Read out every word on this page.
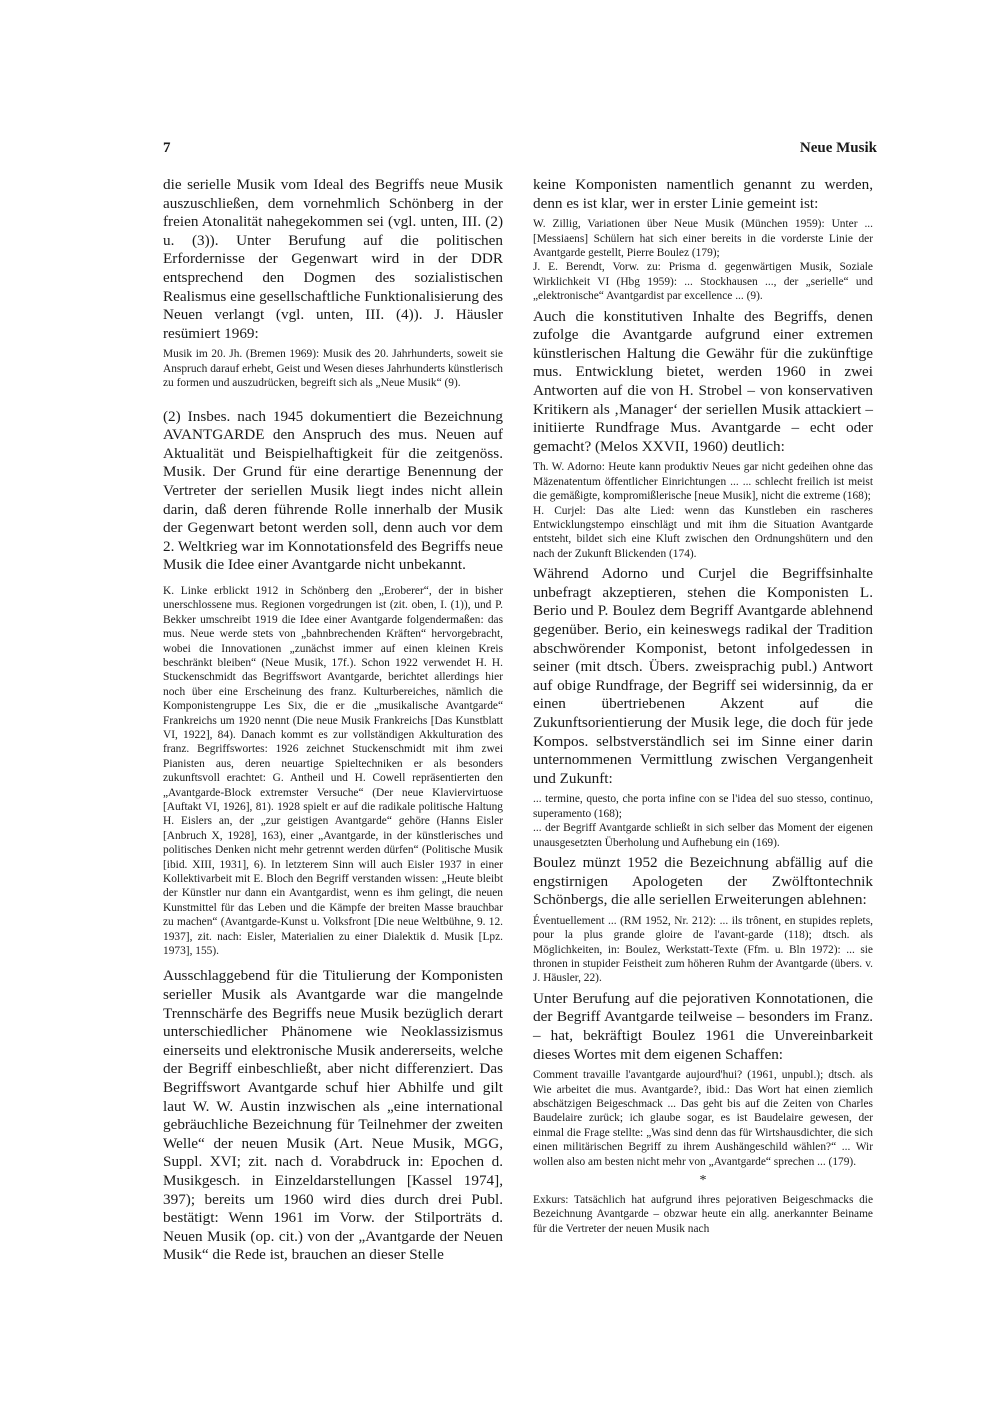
7	Neue Musik

die serielle Musik vom Ideal des Begriffs neue Musik auszuschließen, dem vornehmlich Schönberg in der freien Atonalität nahegekommen sei (vgl. unten, III. (2) u. (3)). Unter Berufung auf die politischen Erfordernisse der Gegenwart wird in der DDR entsprechend den Dogmen des sozialistischen Realismus eine gesellschaftliche Funktionalisierung des Neuen verlangt (vgl. unten, III. (4)). J. Häusler resümiert 1969:

Musik im 20. Jh. (Bremen 1969): Musik des 20. Jahrhunderts, soweit sie Anspruch darauf erhebt, Geist und Wesen dieses Jahrhunderts künstlerisch zu formen und auszudrücken, begreift sich als „Neue Musik“ (9).

(2) Insbes. nach 1945 dokumentiert die Bezeichnung AVANTGARDE den Anspruch des mus. Neuen auf Aktualität und Beispielhaftigkeit für die zeitgenöss. Musik. Der Grund für eine derartige Benennung der Vertreter der seriellen Musik liegt indes nicht allein darin, daß deren führende Rolle innerhalb der Musik der Gegenwart betont werden soll, denn auch vor dem 2. Weltkrieg war im Konnotationsfeld des Begriffs neue Musik die Idee einer Avantgarde nicht unbekannt.

K. Linke erblickt 1912 in Schönberg den „Eroberer“, der in bisher unerschlossene mus. Regionen vorgedrungen ist (zit. oben, I. (1)), und P. Bekker umschreibt 1919 die Idee einer Avantgarde folgendermaßen: das mus. Neue werde stets von „bahnbrechenden Kräften“ hervorgebracht, wobei die Innovationen „zunächst immer auf einen kleinen Kreis beschränkt bleiben“ (Neue Musik, 17f.). Schon 1922 verwendet H. H. Stuckenschmidt das Begriffswort Avantgarde, berichtet allerdings hier noch über eine Erscheinung des franz. Kulturbereiches, nämlich die Komponistengruppe Les Six, die er die „musikalische Avantgarde“ Frankreichs um 1920 nennt (Die neue Musik Frankreichs [Das Kunstblatt VI, 1922], 84). Danach kommt es zur vollständigen Akkulturation des franz. Begriffswortes: 1926 zeichnet Stuckenschmidt mit ihm zwei Pianisten aus, deren neuartige Spieltechniken er als besonders zukunftsvoll erachtet: G. Antheil und H. Cowell repräsentierten den „Avantgarde-Block extremster Versuche“ (Der neue Klaviervirtuose [Auftakt VI, 1926], 81). 1928 spielt er auf die radikale politische Haltung H. Eislers an, der „zur geistigen Avantgarde“ gehöre (Hanns Eisler [Anbruch X, 1928], 163), einer „Avantgarde, in der künstlerisches und politisches Denken nicht mehr getrennt werden dürfen“ (Politische Musik [ibid. XIII, 1931], 6). In letzterem Sinn will auch Eisler 1937 in einer Kollektivarbeit mit E. Bloch den Begriff verstanden wissen: „Heute bleibt der Künstler nur dann ein Avantgardist, wenn es ihm gelingt, die neuen Kunstmittel für das Leben und die Kämpfe der breiten Masse brauchbar zu machen“ (Avantgarde-Kunst u. Volksfront [Die neue Weltbühne, 9. 12. 1937], zit. nach: Eisler, Materialien zu einer Dialektik d. Musik [Lpz. 1973], 155).

Ausschlaggebend für die Titulierung der Komponisten serieller Musik als Avantgarde war die mangelnde Trennschärfe des Begriffs neue Musik bezüglich derart unterschiedlicher Phänomene wie Neoklassizismus einerseits und elektronische Musik andererseits, welche der Begriff einbeschließt, aber nicht differenziert. Das Begriffswort Avantgarde schuf hier Abhilfe und gilt laut W. W. Austin inzwischen als „eine international gebräuchliche Bezeichnung für Teilnehmer der zweiten Welle“ der neuen Musik (Art. Neue Musik, MGG, Suppl. XVI; zit. nach d. Vorabdruck in: Epochen d. Musikgesch. in Einzeldarstellungen [Kassel 1974], 397); bereits um 1960 wird dies durch drei Publ. bestätigt: Wenn 1961 im Vorw. der Stilporträts d. Neuen Musik (op. cit.) von der „Avantgarde der Neuen Musik“ die Rede ist, brauchen an dieser Stelle

keine Komponisten namentlich genannt zu werden, denn es ist klar, wer in erster Linie gemeint ist:

W. Zillig, Variationen über Neue Musik (München 1959): Unter ... [Messiaens] Schülern hat sich einer bereits in die vorderste Linie der Avantgarde gestellt, Pierre Boulez (179);

J. E. Berendt, Vorw. zu: Prisma d. gegenwärtigen Musik, Soziale Wirklichkeit VI (Hbg 1959): ... Stockhausen ..., der „serielle“ und „elektronische“ Avantgardist par excellence ... (9).

Auch die konstitutiven Inhalte des Begriffs, denen zufolge die Avantgarde aufgrund einer extremen künstlerischen Haltung die Gewähr für die zukünftige mus. Entwicklung bietet, werden 1960 in zwei Antworten auf die von H. Strobel – von konservativen Kritikern als ‚Manager‘ der seriellen Musik attackiert – initiierte Rundfrage Mus. Avantgarde – echt oder gemacht? (Melos XXVII, 1960) deutlich:

Th. W. Adorno: Heute kann produktiv Neues gar nicht gedeihen ohne das Mäzenatentum öffentlicher Einrichtungen ... ... schlecht freilich ist meist die gemäßigte, kompromißlerische [neue Musik], nicht die extreme (168);

H. Curjel: Das alte Lied: wenn das Kunstleben ein rascheres Entwicklungstempo einschlägt und mit ihm die Situation Avantgarde entsteht, bildet sich eine Kluft zwischen den Ordnungshütern und den nach der Zukunft Blickenden (174).

Während Adorno und Curjel die Begriffsinhalte unbefragt akzeptieren, stehen die Komponisten L. Berio und P. Boulez dem Begriff Avantgarde ablehnend gegenüber. Berio, ein keineswegs radikal der Tradition abschwörender Komponist, betont infolgedessen in seiner (mit dtsch. Übers. zweisprachig publ.) Antwort auf obige Rundfrage, der Begriff sei widersinnig, da er einen übertriebenen Akzent auf die Zukunftsorientierung der Musik lege, die doch für jede Kompos. selbstverständlich sei im Sinne einer darin unternommenen Vermittlung zwischen Vergangenheit und Zukunft:

... termine, questo, che porta infine con se l'idea del suo stesso, continuo, superamento (168);

... der Begriff Avantgarde schließt in sich selber das Moment der eigenen unausgesetzten Überholung und Aufhebung ein (169).

Boulez münzt 1952 die Bezeichnung abfällig auf die engstirnigen Apologeten der Zwölftontechnik Schönbergs, die alle seriellen Erweiterungen ablehnen:

Éventuellement ... (RM 1952, Nr. 212): ... ils trônent, en stupides replets, pour la plus grande gloire de l'avant-garde (118); dtsch. als Möglichkeiten, in: Boulez, Werkstatt-Texte (Ffm. u. Bln 1972): ... sie thronen in stupider Feistheit zum höheren Ruhm der Avantgarde (übers. v. J. Häusler, 22).

Unter Berufung auf die pejorativen Konnotationen, die der Begriff Avantgarde teilweise – besonders im Franz. – hat, bekräftigt Boulez 1961 die Unvereinbarkeit dieses Wortes mit dem eigenen Schaffen:

Comment travaille l'avantgarde aujourd'hui? (1961, unpubl.); dtsch. als Wie arbeitet die mus. Avantgarde?, ibid.: Das Wort hat einen ziemlich abschätzigen Beigeschmack ... Das geht bis auf die Zeiten von Charles Baudelaire zurück; ich glaube sogar, es ist Baudelaire gewesen, der einmal die Frage stellte: „Was sind denn das für Wirtshausdichter, die sich einen militärischen Begriff zu ihrem Aushängeschild wählen?“ ... Wir wollen also am besten nicht mehr von „Avantgarde“ sprechen ... (179).

*

Exkurs: Tatsächlich hat aufgrund ihres pejorativen Beigeschmacks die Bezeichnung Avantgarde – obzwar heute ein allg. anerkannter Beiname für die Vertreter der neuen Musik nach
